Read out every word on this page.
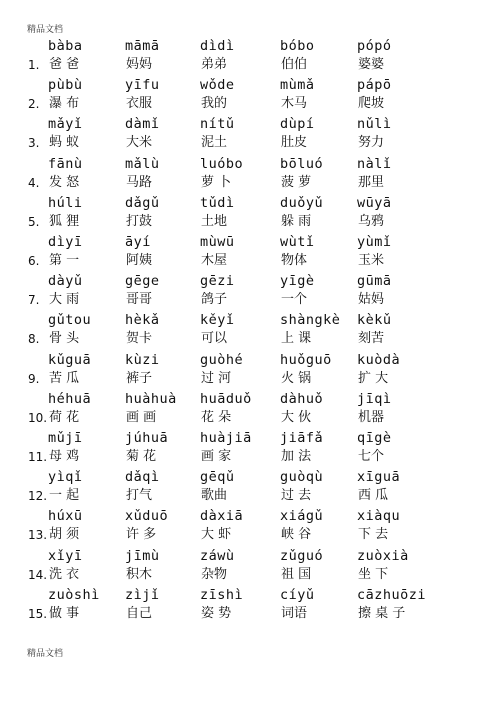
精品文档
1.
bàba
爸 爸
māmā
妈妈
dìdì
弟弟
bóbo
伯伯
pópó
婆婆
2.
pùbù
瀑 布
yīfu
衣服
wǒde
我的
mùmǎ
木马
pápō
爬坡
3.
mǎyǐ
蚂 蚁
dàmǐ
大米
nítǔ
泥土
dùpí
肚皮
nǔlì
努力
4.
fānù
发 怒
mǎlù
马路
luóbo
萝 卜
bōluó
菠 萝
nàlǐ
那里
5.
húli
狐 狸
dǎgǔ
打鼓
tǔdì
土地
duǒyǔ
躲 雨
wūyā
乌鸦
6.
dìyī
第 一
āyí
阿姨
mùwū
木屋
wùtǐ
物体
yùmǐ
玉米
7.
dàyǔ
大 雨
gēge
哥哥
gēzi
鸽子
yīgè
一个
gūmā
姑妈
8.
gǔtou
骨 头
hèkǎ
贺卡
kěyǐ
可以
shàngkè
上 课
kèkǔ
刻苦
9.
kǔguā
苦 瓜
kùzi
裤子
guòhé
过 河
huǒguō
火 锅
kuòdà
扩 大
10.
héhuā
荷 花
huàhuà
画 画
huāduǒ
花 朵
dàhuǒ
大 伙
jīqì
机器
11.
mǔjī
母 鸡
júhuā
菊 花
huàjiā
画 家
jiāfǎ
加 法
qīgè
七个
12.
yìqǐ
一 起
dǎqì
打气
gēqǔ
歌曲
guòqù
过 去
xīguā
西 瓜
13.
húxū
胡 须
xǔduō
许 多
dàxiā
大 虾
xiágǔ
峡 谷
xiàqu
下 去
14.
xǐyī
洗 衣
jīmù
积木
záwù
杂物
zǔguó
祖 国
zuòxià
坐 下
15.
zuòshì
做 事
zìjǐ
自己
zīshì
姿 势
cíyǔ
词语
cāzhuōzi
擦 桌 子
精品文档
